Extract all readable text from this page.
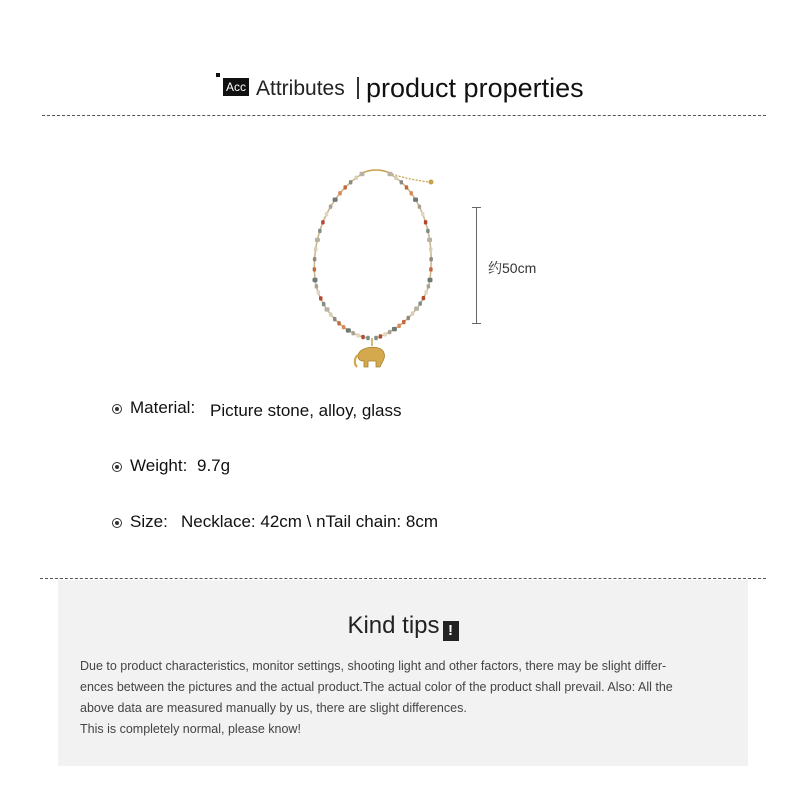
Acc Attributes product properties
约50cm
Material: Picture stone, alloy, glass
Weight: 9.7g
Size: Necklace: 42cm \ nTail chain: 8cm
Kind tips !

Due to product characteristics, monitor settings, shooting light and other factors, there may be slight differ-

ences between the pictures and the actual product.The actual color of the product shall prevail. Also: All the

above data are measured manually by us, there are slight differences.

This is completely normal, please know!
